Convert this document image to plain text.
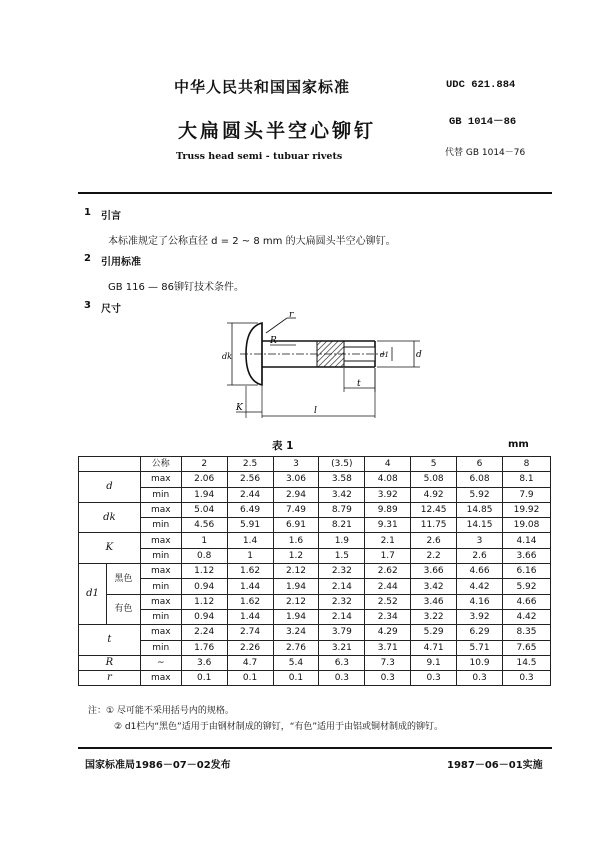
中华人民共和国国家标准
大扁圆头半空心铆钉
Truss head semi - tubuar rivets
UDC 621.884
GB 1014－86
代替 GB 1014－76
1 引言
本标准规定了公称直径 d = 2 ~ 8 mm 的大扁圆头半空心铆钉。
2 引用标准
GB 116 — 86铆钉技术条件。
3 尺寸	r
R
dk	d1	d
t
K	l
表 1	mm
		公称	2	2.5	3	(3.5)	4	5	6	8
d		max	2.06	2.56	3.06	3.58	4.08	5.08	6.08	8.1
		min	1.94	2.44	2.94	3.42	3.92	4.92	5.92	7.9
dk		max	5.04	6.49	7.49	8.79	9.89	12.45	14.85	19.92
		min	4.56	5.91	6.91	8.21	9.31	11.75	14.15	19.08
K		max	1	1.4	1.6	1.9	2.1	2.6	3	4.14
		min	0.8	1	1.2	1.5	1.7	2.2	2.6	3.66
d1	黑色	max	1.12	1.62	2.12	2.32	2.62	3.66	4.66	6.16
		min	0.94	1.44	1.94	2.14	2.44	3.42	4.42	5.92
	有色	max	1.12	1.62	2.12	2.32	2.52	3.46	4.16	4.66
		min	0.94	1.44	1.94	2.14	2.34	3.22	3.92	4.42
t		max	2.24	2.74	3.24	3.79	4.29	5.29	6.29	8.35
		min	1.76	2.26	2.76	3.21	3.71	4.71	5.71	7.65
R		~	3.6	4.7	5.4	6.3	7.3	9.1	10.9	14.5
r		max	0.1	0.1	0.1	0.3	0.3	0.3	0.3	0.3
注：① 尽可能不采用括号内的规格。
② d1栏内“黑色”适用于由钢材制成的铆钉，“有色”适用于由铝或铜材制成的铆钉。
国家标准局1986－07－02发布	1987－06－01实施
